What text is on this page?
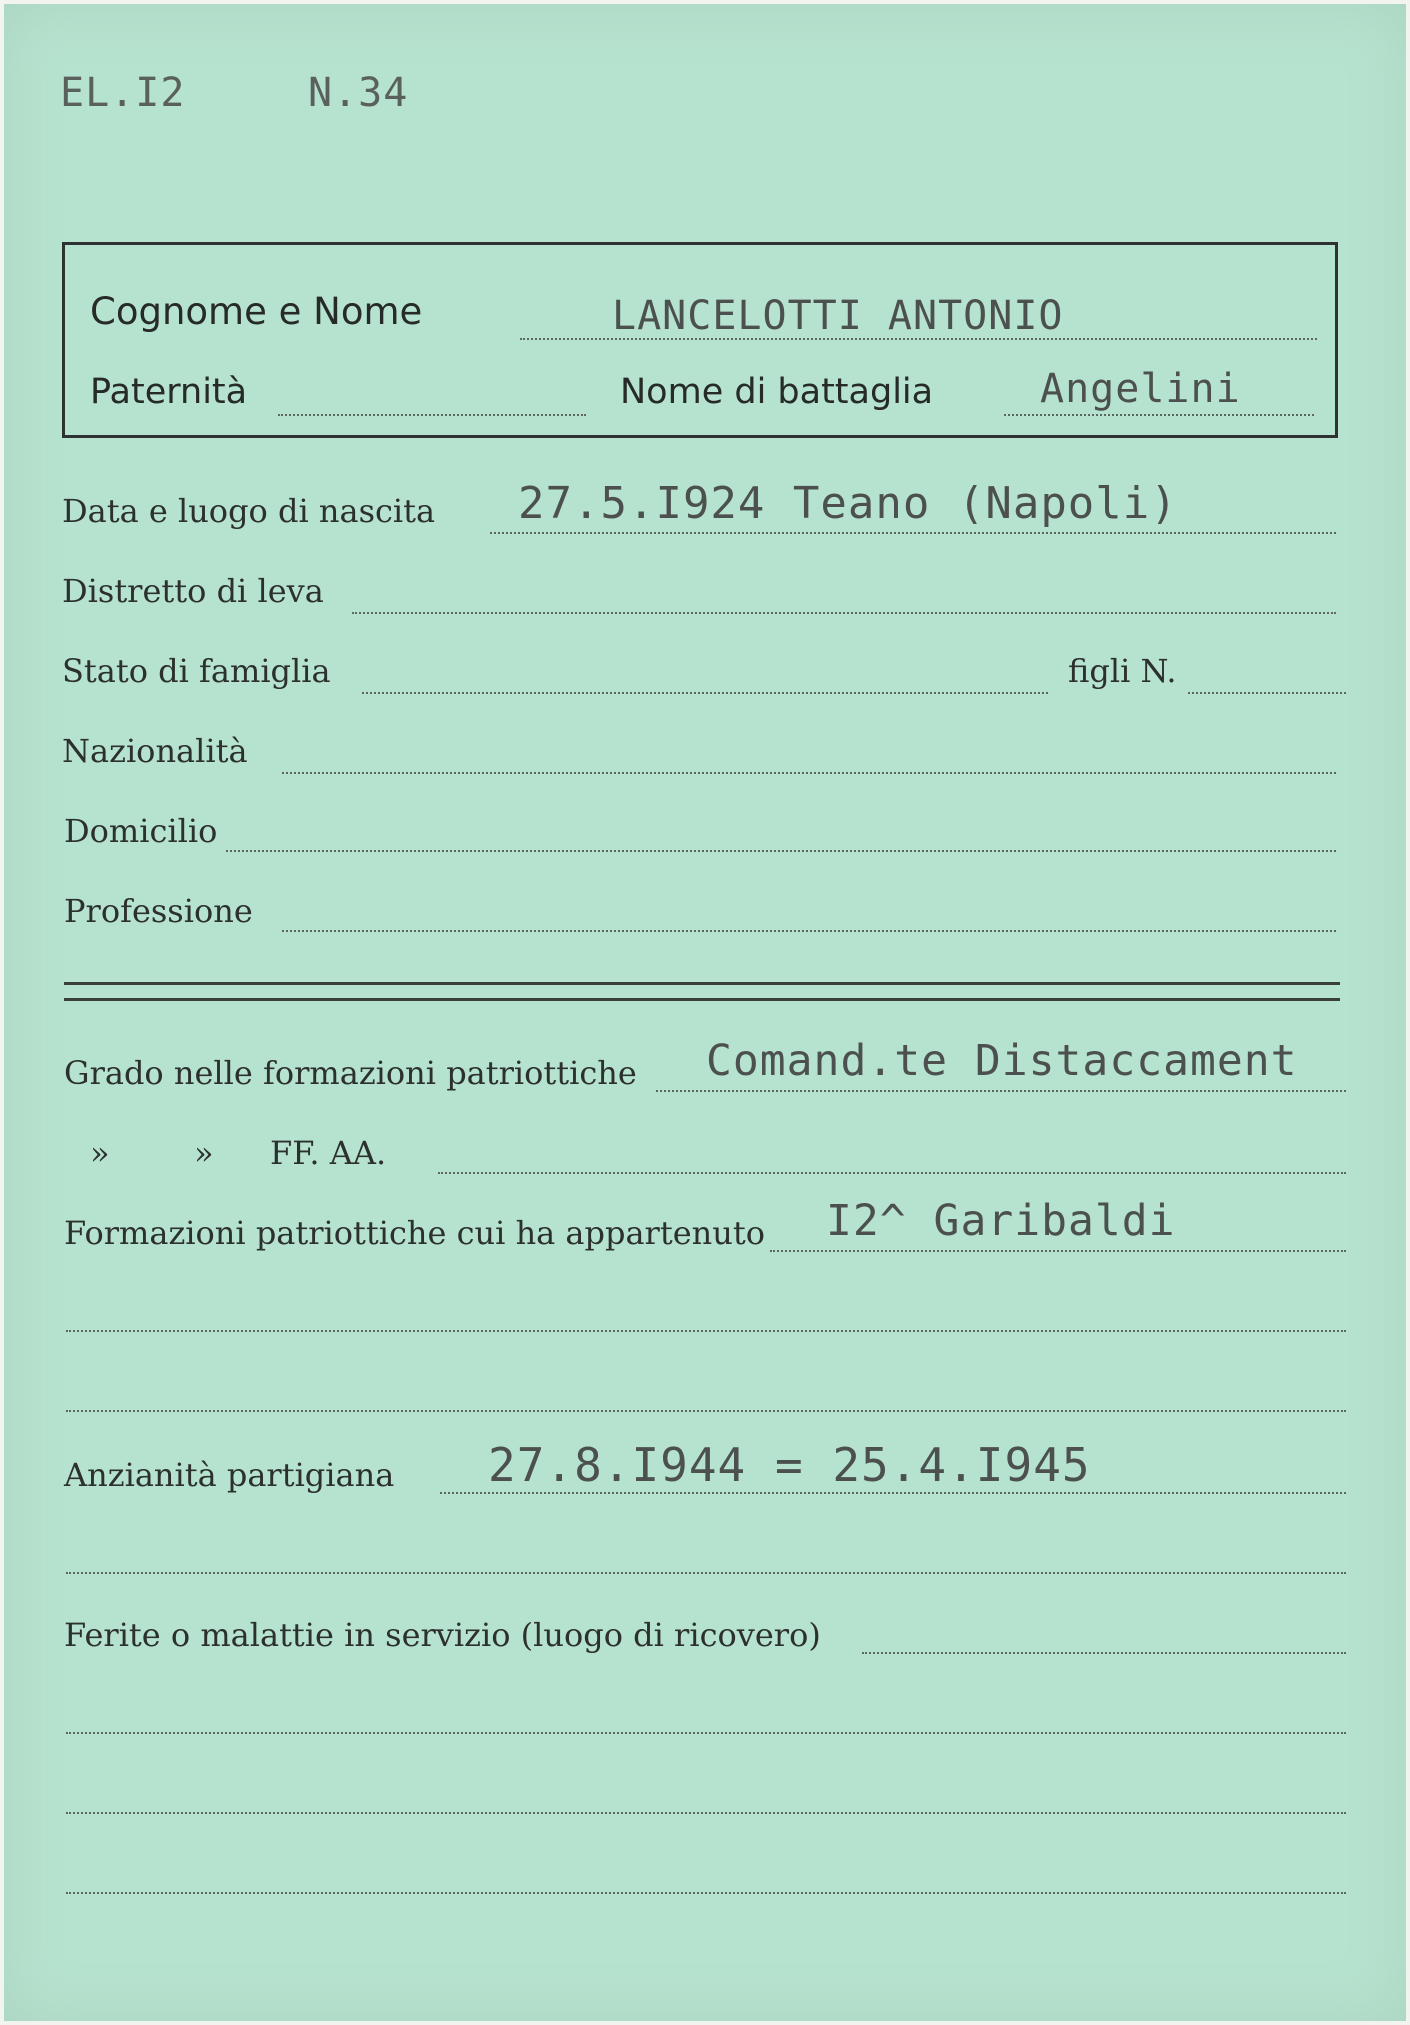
EL.I2	N.34
Cognome e Nome	LANCELOTTI ANTONIO
Paternità	Nome di battaglia	Angelini
Data e luogo di nascita 27.5.I924 Teano (Napoli)
Distretto di leva
Stato di famiglia	figli N.
Nazionalità
Domicilio
Professione
Grado nelle formazioni patriottiche Comand.te Distaccament
»	» FF. AA.
Formazioni patriottiche cui ha appartenuto I2^ Garibaldi
Anzianità partigiana 27.8.I944 = 25.4.I945
Ferite o malattie in servizio (luogo di ricovero)
